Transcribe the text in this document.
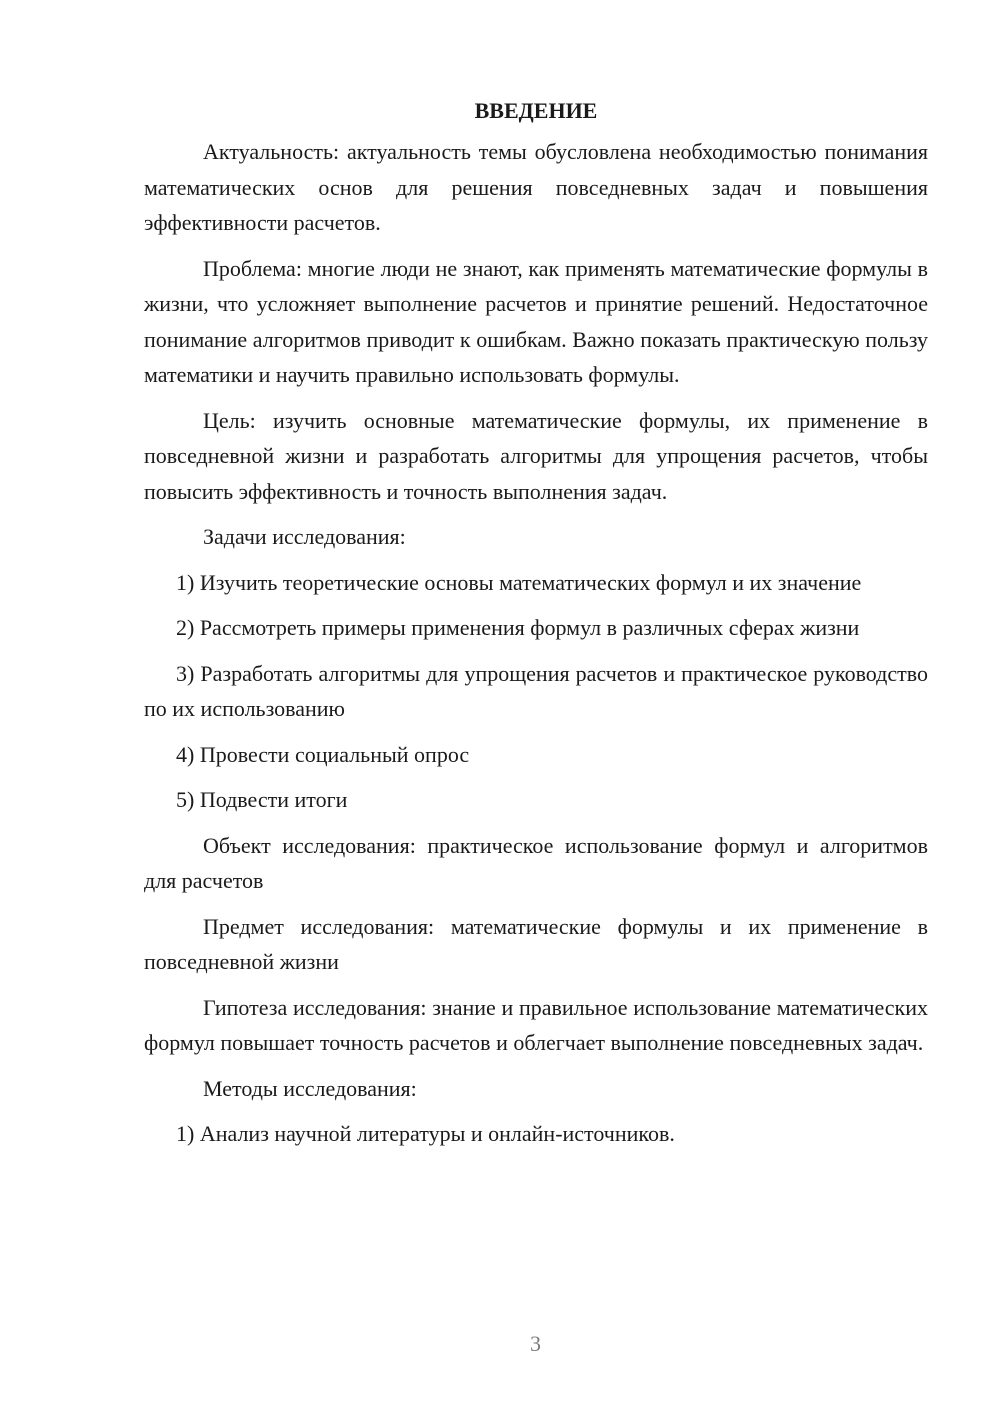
ВВЕДЕНИЕ

Актуальность: актуальность темы обусловлена необходимостью понимания математических основ для решения повседневных задач и повышения эффективности расчетов.

Проблема: многие люди не знают, как применять математические формулы в жизни, что усложняет выполнение расчетов и принятие решений. Недостаточное понимание алгоритмов приводит к ошибкам. Важно показать практическую пользу математики и научить правильно использовать формулы.

Цель: изучить основные математические формулы, их применение в повседневной жизни и разработать алгоритмы для упрощения расчетов, чтобы повысить эффективность и точность выполнения задач.

Задачи исследования:

1) Изучить теоретические основы математических формул и их значение

2) Рассмотреть примеры применения формул в различных сферах жизни

3) Разработать алгоритмы для упрощения расчетов и практическое руководство по их использованию

4) Провести социальный опрос

5) Подвести итоги

Объект исследования: практическое использование формул и алгоритмов для расчетов

Предмет исследования: математические формулы и их применение в повседневной жизни

Гипотеза исследования: знание и правильное использование математических формул повышает точность расчетов и облегчает выполнение повседневных задач.

Методы исследования:

1) Анализ научной литературы и онлайн-источников.

3
